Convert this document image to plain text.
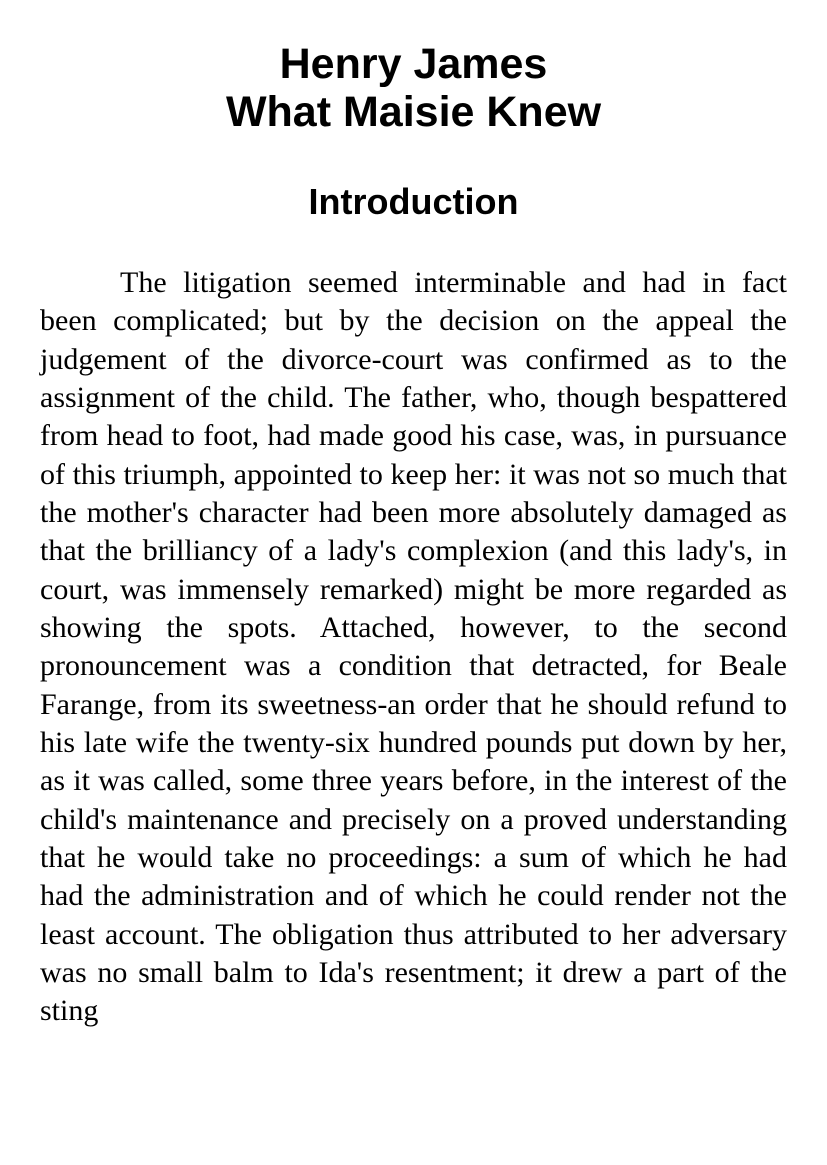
Henry James
What Maisie Knew
Introduction

The litigation seemed interminable and had in fact been complicated; but by the decision on the appeal the judgement of the divorce-court was confirmed as to the assignment of the child. The father, who, though bespattered from head to foot, had made good his case, was, in pursuance of this triumph, appointed to keep her: it was not so much that the mother's character had been more absolutely damaged as that the brilliancy of a lady's complexion (and this lady's, in court, was immensely remarked) might be more regarded as showing the spots. Attached, however, to the second pronouncement was a condition that detracted, for Beale Farange, from its sweetness-an order that he should refund to his late wife the twenty-six hundred pounds put down by her, as it was called, some three years before, in the interest of the child's maintenance and precisely on a proved understanding that he would take no proceedings: a sum of which he had had the administration and of which he could render not the least account. The obligation thus attributed to her adversary was no small balm to Ida's resentment; it drew a part of the sting
